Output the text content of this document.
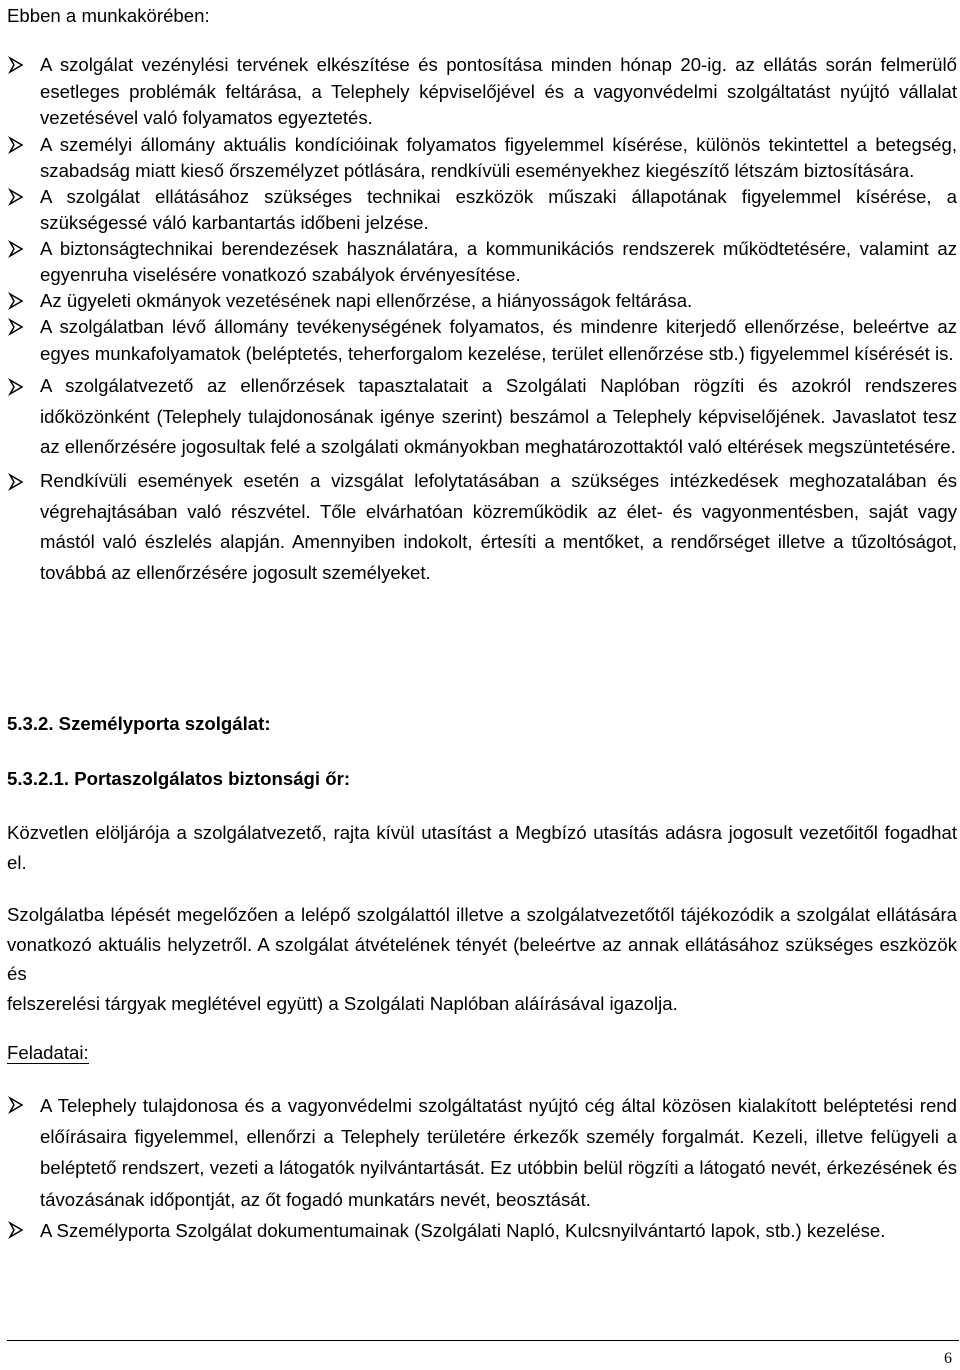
Ebben a munkakörében:
A szolgálat vezénylési tervének elkészítése és pontosítása minden hónap 20-ig. az ellátás során felmerülő esetleges problémák feltárása, a Telephely képviselőjével és a vagyonvédelmi szolgáltatást nyújtó vállalat vezetésével való folyamatos egyeztetés.
A személyi állomány aktuális kondícióinak folyamatos figyelemmel kísérése, különös tekintettel a betegség, szabadság miatt kieső őrszemélyzet pótlására, rendkívüli eseményekhez kiegészítő létszám biztosítására.
A szolgálat ellátásához szükséges technikai eszközök műszaki állapotának figyelemmel kísérése, a szükségessé váló karbantartás időbeni jelzése.
A biztonságtechnikai berendezések használatára, a kommunikációs rendszerek működtetésére, valamint az egyenruha viselésére vonatkozó szabályok érvényesítése.
Az ügyeleti okmányok vezetésének napi ellenőrzése, a hiányosságok feltárása.
A szolgálatban lévő állomány tevékenységének folyamatos, és mindenre kiterjedő ellenőrzése, beleértve az egyes munkafolyamatok (beléptetés, teherforgalom kezelése, terület ellenőrzése stb.) figyelemmel kísérését is.
A szolgálatvezető az ellenőrzések tapasztalatait a Szolgálati Naplóban rögzíti és azokról rendszeres időközönként (Telephely tulajdonosának igénye szerint) beszámol a Telephely képviselőjének. Javaslatot tesz az ellenőrzésére jogosultak felé a szolgálati okmányokban meghatározottaktól való eltérések megszüntetésére.
Rendkívüli események esetén a vizsgálat lefolytatásában a szükséges intézkedések meghozatalában és végrehajtásában való részvétel. Tőle elvárhatóan közreműködik az élet- és vagyonmentésben, saját vagy mástól való észlelés alapján. Amennyiben indokolt, értesíti a mentőket, a rendőrséget illetve a tűzoltóságot, továbbá az ellenőrzésére jogosult személyeket.
5.3.2. Személyporta szolgálat:
5.3.2.1. Portaszolgálatos biztonsági őr:

Közvetlen elöljárója a szolgálatvezető, rajta kívül utasítást a Megbízó utasítás adásra jogosult vezetőitől fogadhat el.

Szolgálatba lépését megelőzően a lelépő szolgálattól illetve a szolgálatvezetőtől tájékozódik a szolgálat ellátására vonatkozó aktuális helyzetről. A szolgálat átvételének tényét (beleértve az annak ellátásához szükséges eszközök és
felszerelési tárgyak meglétével együtt) a Szolgálati Naplóban aláírásával igazolja.

Feladatai:
A Telephely tulajdonosa és a vagyonvédelmi szolgáltatást nyújtó cég által közösen kialakított beléptetési rend előírásaira figyelemmel, ellenőrzi a Telephely területére érkezők személy forgalmát. Kezeli, illetve felügyeli a beléptető rendszert, vezeti a látogatók nyilvántartását. Ez utóbbin belül rögzíti a látogató nevét, érkezésének és távozásának időpontját, az őt fogadó munkatárs nevét, beosztását.
A Személyporta Szolgálat dokumentumainak (Szolgálati Napló, Kulcsnyilvántartó lapok, stb.) kezelése.
6
